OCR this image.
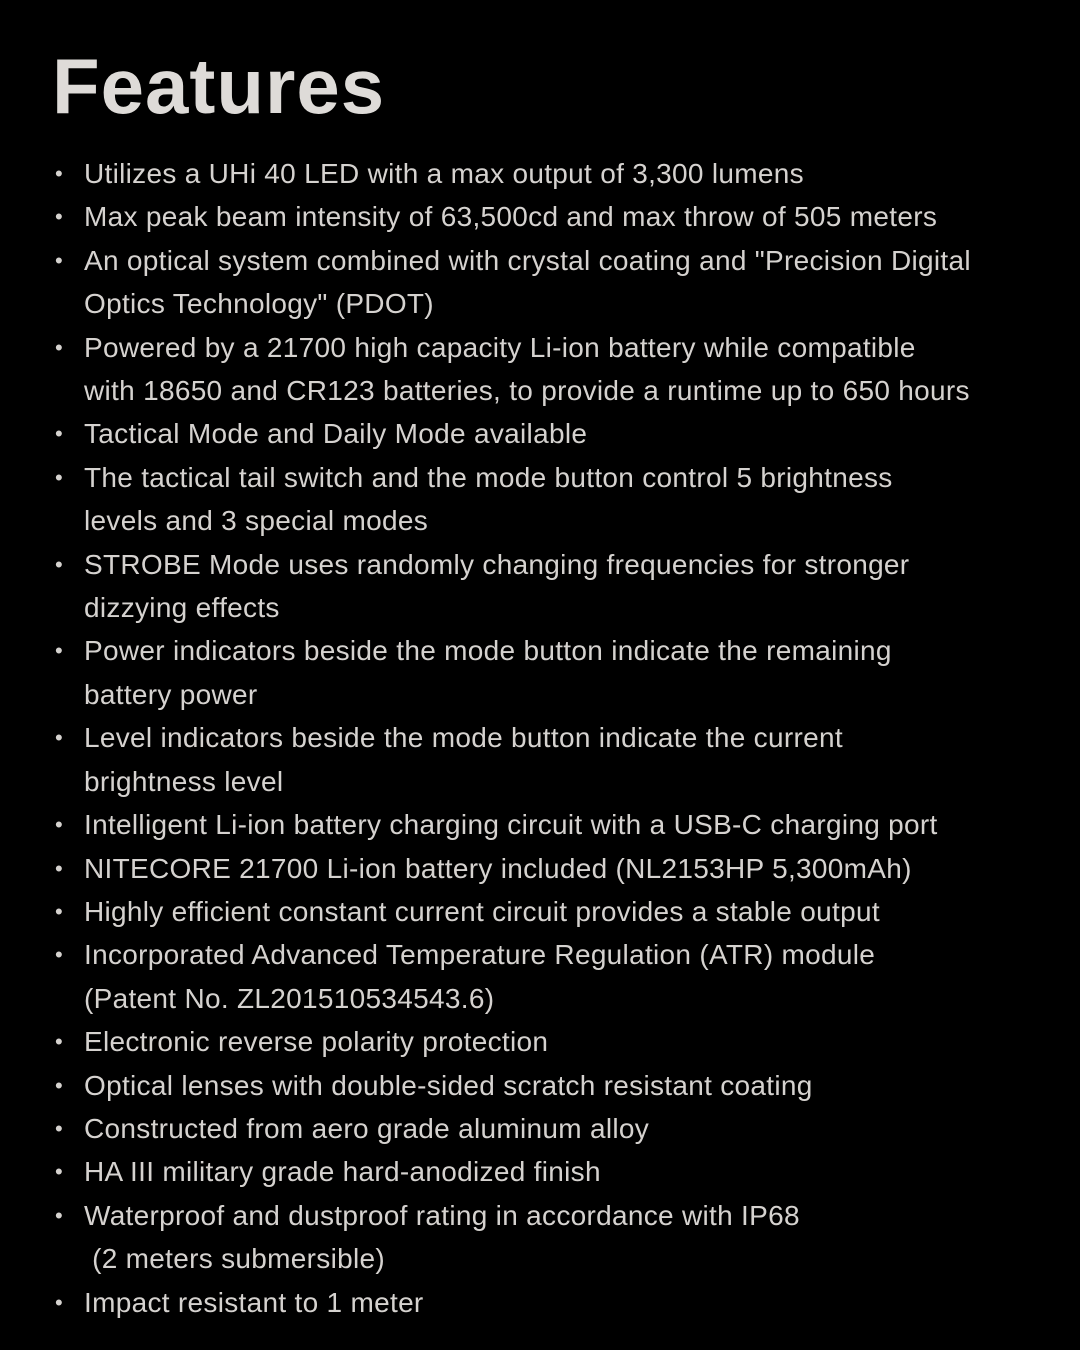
Features
• Utilizes a UHi 40 LED with a max output of 3,300 lumens
• Max peak beam intensity of 63,500cd and max throw of 505 meters
• An optical system combined with crystal coating and "Precision Digital
Optics Technology" (PDOT)
• Powered by a 21700 high capacity Li-ion battery while compatible
with 18650 and CR123 batteries, to provide a runtime up to 650 hours
• Tactical Mode and Daily Mode available
• The tactical tail switch and the mode button control 5 brightness
levels and 3 special modes
• STROBE Mode uses randomly changing frequencies for stronger
dizzying effects
• Power indicators beside the mode button indicate the remaining
battery power
• Level indicators beside the mode button indicate the current
brightness level
• Intelligent Li-ion battery charging circuit with a USB-C charging port
• NITECORE 21700 Li-ion battery included (NL2153HP 5,300mAh)
• Highly efficient constant current circuit provides a stable output
• Incorporated Advanced Temperature Regulation (ATR) module
(Patent No. ZL201510534543.6)
• Electronic reverse polarity protection
• Optical lenses with double-sided scratch resistant coating
• Constructed from aero grade aluminum alloy
• HA III military grade hard-anodized finish
• Waterproof and dustproof rating in accordance with IP68
(2 meters submersible)
• Impact resistant to 1 meter
